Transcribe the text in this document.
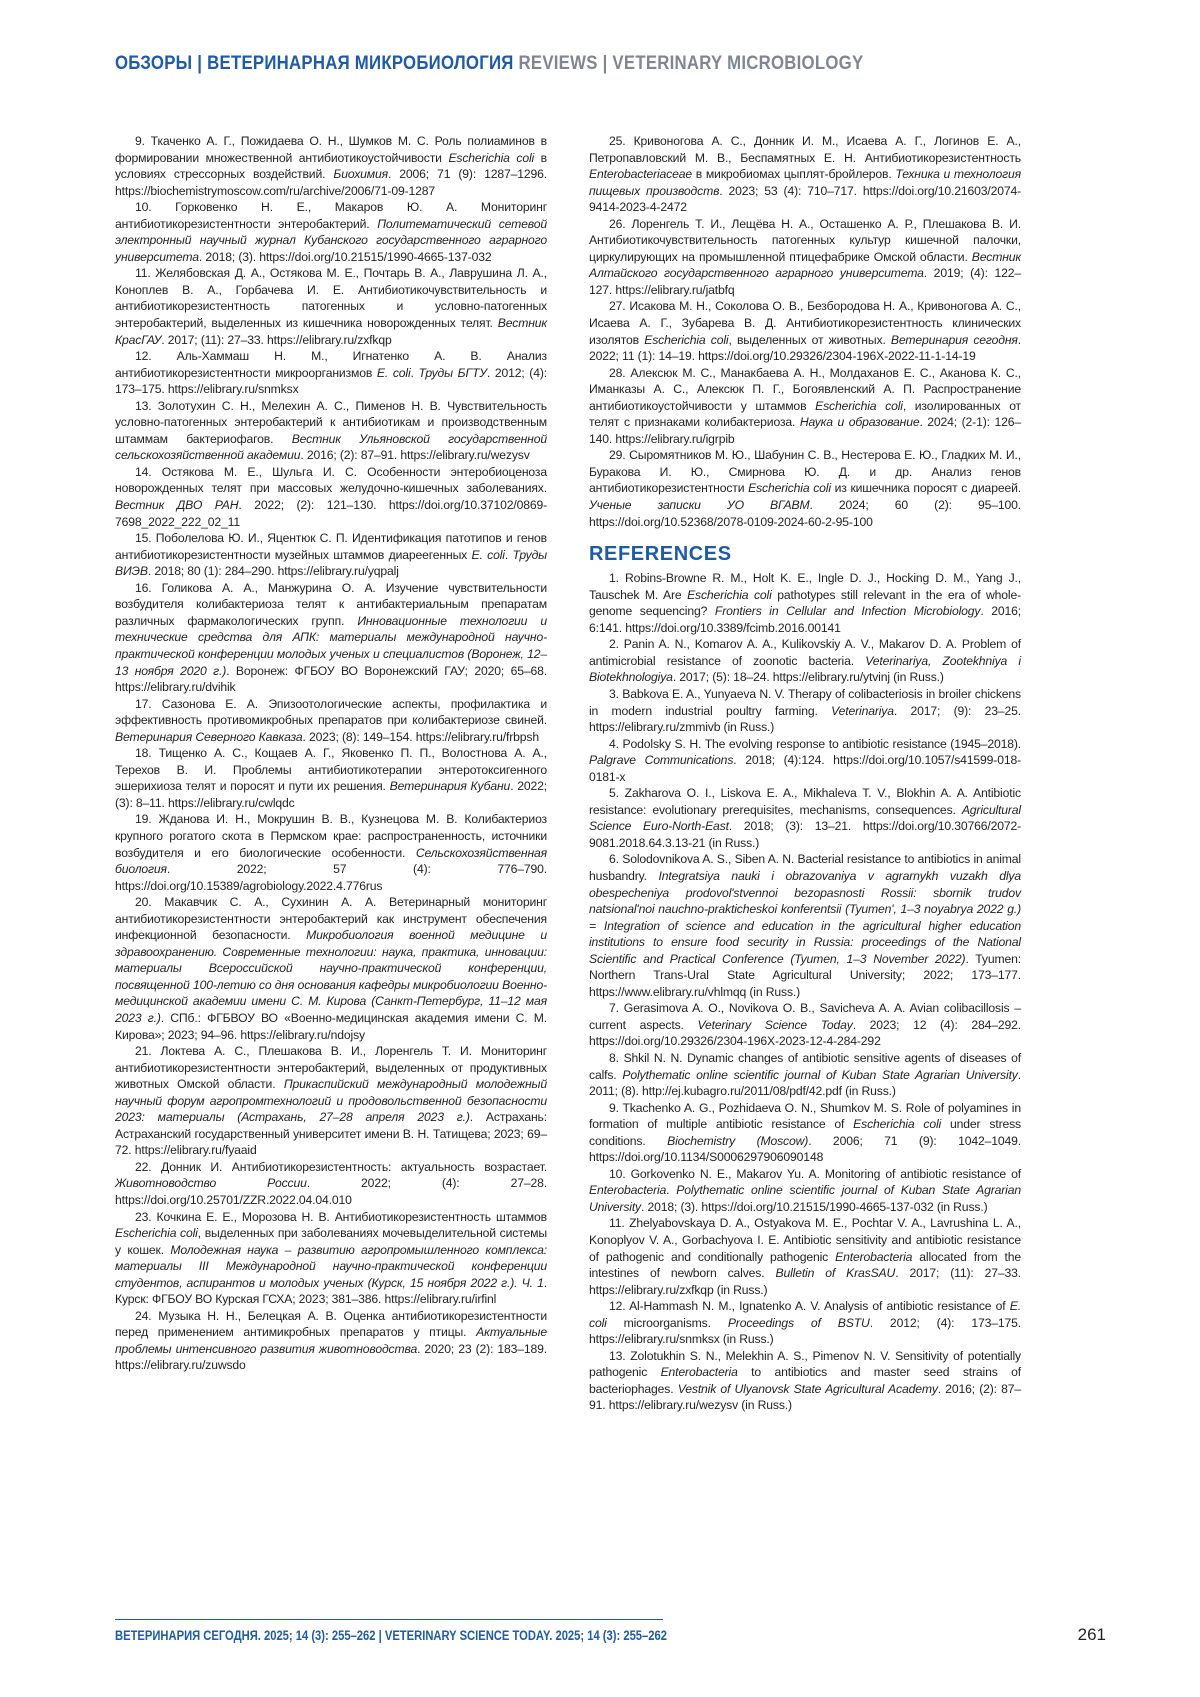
ОБЗОРЫ | ВЕТЕРИНАРНАЯ МИКРОБИОЛОГИЯ REVIEWS | VETERINARY MICROBIOLOGY

9. Ткаченко А. Г., Пожидаева О. Н., Шумков М. С. Роль полиаминов в формировании множественной антибиотикоустойчивости Escherichia coli в условиях стрессорных воздействий. Биохимия. 2006; 71 (9): 1287–1296. https://biochemistrymoscow.com/ru/archive/2006/71-09-1287

10. Горковенко Н. Е., Макаров Ю. А. Мониторинг антибиотикорезистентности энтеробактерий. Политематический сетевой электронный научный журнал Кубанского государственного аграрного университета. 2018; (3). https://doi.org/10.21515/1990-4665-137-032

11. Желябовская Д. А., Остякова М. Е., Почтарь В. А., Лаврушина Л. А., Коноплев В. А., Горбачева И. Е. Антибиотикочувствительность и антибиотикорезистентность патогенных и условно-патогенных энтеробактерий, выделенных из кишечника новорожденных телят. Вестник КрасГАУ. 2017; (11): 27–33. https://elibrary.ru/zxfkqp

12. Аль-Хаммаш Н. М., Игнатенко А. В. Анализ антибиотикорезистентности микроорганизмов E. coli. Труды БГТУ. 2012; (4): 173–175. https://elibrary.ru/snmksx

13. Золотухин С. Н., Мелехин А. С., Пименов Н. В. Чувствительность условно-патогенных энтеробактерий к антибиотикам и производственным штаммам бактериофагов. Вестник Ульяновской государственной сельскохозяйственной академии. 2016; (2): 87–91. https://elibrary.ru/wezysv

14. Остякова М. Е., Шульга И. С. Особенности энтеробиоценоза новорожденных телят при массовых желудочно-кишечных заболеваниях. Вестник ДВО РАН. 2022; (2): 121–130. https://doi.org/10.37102/0869-7698_2022_222_02_11

15. Поболелова Ю. И., Яцентюк С. П. Идентификация патотипов и генов антибиотикорезистентности музейных штаммов диареегенных E. coli. Труды ВИЭВ. 2018; 80 (1): 284–290. https://elibrary.ru/yqpalj

16. Голикова А. А., Манжурина О. А. Изучение чувствительности возбудителя колибактериоза телят к антибактериальным препаратам различных фармакологических групп. Инновационные технологии и технические средства для АПК: материалы международной научно-практической конференции молодых ученых и специалистов (Воронеж, 12–13 ноября 2020 г.). Воронеж: ФГБОУ ВО Воронежский ГАУ; 2020; 65–68. https://elibrary.ru/dvihik

17. Сазонова Е. А. Эпизоотологические аспекты, профилактика и эффективность противомикробных препаратов при колибактериозе свиней. Ветеринария Северного Кавказа. 2023; (8): 149–154. https://elibrary.ru/frbpsh

18. Тищенко А. С., Кощаев А. Г., Яковенко П. П., Волостнова А. А., Терехов В. И. Проблемы антибиотикотерапии энтеротоксигенного эшерихиоза телят и поросят и пути их решения. Ветеринария Кубани. 2022; (3): 8–11. https://elibrary.ru/cwlqdc

19. Жданова И. Н., Мокрушин В. В., Кузнецова М. В. Колибактериоз крупного рогатого скота в Пермском крае: распространенность, источники возбудителя и его биологические особенности. Сельскохозяйственная биология. 2022; 57 (4): 776–790. https://doi.org/10.15389/agrobiology.2022.4.776rus

20. Макавчик С. А., Сухинин А. А. Ветеринарный мониторинг антибиотикорезистентности энтеробактерий как инструмент обеспечения инфекционной безопасности. Микробиология военной медицине и здравоохранению. Современные технологии: наука, практика, инновации: материалы Всероссийской научно-практической конференции, посвященной 100-летию со дня основания кафедры микробиологии Военно-медицинской академии имени С. М. Кирова (Санкт-Петербург, 11–12 мая 2023 г.). СПб.: ФГБВОУ ВО «Военно-медицинская академия имени С. М. Кирова»; 2023; 94–96. https://elibrary.ru/ndojsy

21. Локтева А. С., Плешакова В. И., Лоренгель Т. И. Мониторинг антибиотикорезистентности энтеробактерий, выделенных от продуктивных животных Омской области. Прикаспийский международный молодежный научный форум агропромтехнологий и продовольственной безопасности 2023: материалы (Астрахань, 27–28 апреля 2023 г.). Астрахань: Астраханский государственный университет имени В. Н. Татищева; 2023; 69–72. https://elibrary.ru/fyaaid

22. Донник И. Антибиотикорезистентность: актуальность возрастает. Животноводство России. 2022; (4): 27–28. https://doi.org/10.25701/ZZR.2022.04.04.010

23. Кочкина Е. Е., Морозова Н. В. Антибиотикорезистентность штаммов Escherichia coli, выделенных при заболеваниях мочевыделительной системы у кошек. Молодежная наука – развитию агропромышленного комплекса: материалы III Международной научно-практической конференции студентов, аспирантов и молодых ученых (Курск, 15 ноября 2022 г.). Ч. 1. Курск: ФГБОУ ВО Курская ГСХА; 2023; 381–386. https://elibrary.ru/irfinl

24. Музыка Н. Н., Белецкая А. В. Оценка антибиотикорезистентности перед применением антимикробных препаратов у птицы. Актуальные проблемы интенсивного развития животноводства. 2020; 23 (2): 183–189. https://elibrary.ru/zuwsdo

25. Кривоногова А. С., Донник И. М., Исаева А. Г., Логинов Е. А., Петропавловский М. В., Беспамятных Е. Н. Антибиотикорезистентность Enterobacteriaceae в микробиомах цыплят-бройлеров. Техника и технология пищевых производств. 2023; 53 (4): 710–717. https://doi.org/10.21603/2074-9414-2023-4-2472

26. Лоренгель Т. И., Лещёва Н. А., Осташенко А. Р., Плешакова В. И. Антибиотикочувствительность патогенных культур кишечной палочки, циркулирующих на промышленной птицефабрике Омской области. Вестник Алтайского государственного аграрного университета. 2019; (4): 122–127. https://elibrary.ru/jatbfq

27. Исакова М. Н., Соколова О. В., Безбородова Н. А., Кривоногова А. С., Исаева А. Г., Зубарева В. Д. Антибиотикорезистентность клинических изолятов Escherichia coli, выделенных от животных. Ветеринария сегодня. 2022; 11 (1): 14–19. https://doi.org/10.29326/2304-196X-2022-11-1-14-19

28. Алексюк М. С., Манакбаева А. Н., Молдаханов Е. С., Аканова К. С., Иманказы А. С., Алексюк П. Г., Богоявленский А. П. Распространение антибиотикоустойчивости у штаммов Escherichia coli, изолированных от телят с признаками колибактериоза. Наука и образование. 2024; (2-1): 126–140. https://elibrary.ru/igrpib

29. Сыромятников М. Ю., Шабунин С. В., Нестерова Е. Ю., Гладких М. И., Буракова И. Ю., Смирнова Ю. Д. и др. Анализ генов антибиотикорезистентности Escherichia coli из кишечника поросят с диареей. Ученые записки УО ВГАВМ. 2024; 60 (2): 95–100. https://doi.org/10.52368/2078-0109-2024-60-2-95-100

REFERENCES

1. Robins-Browne R. M., Holt K. E., Ingle D. J., Hocking D. M., Yang J., Tauschek M. Are Escherichia coli pathotypes still relevant in the era of whole-genome sequencing? Frontiers in Cellular and Infection Microbiology. 2016; 6:141. https://doi.org/10.3389/fcimb.2016.00141

2. Panin A. N., Komarov A. A., Kulikovskiy A. V., Makarov D. A. Problem of antimicrobial resistance of zoonotic bacteria. Veterinariya, Zootekhniya i Biotekhnologiya. 2017; (5): 18–24. https://elibrary.ru/ytvinj (in Russ.)

3. Babkova E. A., Yunyaeva N. V. Therapy of colibacteriosis in broiler chickens in modern industrial poultry farming. Veterinariya. 2017; (9): 23–25. https://elibrary.ru/zmmivb (in Russ.)

4. Podolsky S. H. The evolving response to antibiotic resistance (1945–2018). Palgrave Communications. 2018; (4):124. https://doi.org/10.1057/s41599-018-0181-x

5. Zakharova O. I., Liskova E. A., Mikhaleva T. V., Blokhin A. A. Antibiotic resistance: evolutionary prerequisites, mechanisms, consequences. Agricultural Science Euro-North-East. 2018; (3): 13–21. https://doi.org/10.30766/2072-9081.2018.64.3.13-21 (in Russ.)

6. Solodovnikova A. S., Siben A. N. Bacterial resistance to antibiotics in animal husbandry. Integratsiya nauki i obrazovaniya v agrarnykh vuzakh dlya obespecheniya prodovol'stvennoi bezopasnosti Rossii: sbornik trudov natsional'noi nauchno-prakticheskoi konferentsii (Tyumen', 1–3 noyabrya 2022 g.) = Integration of science and education in the agricultural higher education institutions to ensure food security in Russia: proceedings of the National Scientific and Practical Conference (Tyumen, 1–3 November 2022). Tyumen: Northern Trans-Ural State Agricultural University; 2022; 173–177. https://www.elibrary.ru/vhlmqq (in Russ.)

7. Gerasimova A. O., Novikova O. B., Savicheva A. A. Avian colibacillosis – current aspects. Veterinary Science Today. 2023; 12 (4): 284–292. https://doi.org/10.29326/2304-196X-2023-12-4-284-292

8. Shkil N. N. Dynamic changes of antibiotic sensitive agents of diseases of calfs. Polythematic online scientific journal of Kuban State Agrarian University. 2011; (8). http://ej.kubagro.ru/2011/08/pdf/42.pdf (in Russ.)

9. Tkachenko A. G., Pozhidaeva O. N., Shumkov M. S. Role of polyamines in formation of multiple antibiotic resistance of Escherichia coli under stress conditions. Biochemistry (Moscow). 2006; 71 (9): 1042–1049. https://doi.org/10.1134/S0006297906090148

10. Gorkovenko N. E., Makarov Yu. A. Monitoring of antibiotic resistance of Enterobacteria. Polythematic online scientific journal of Kuban State Agrarian University. 2018; (3). https://doi.org/10.21515/1990-4665-137-032 (in Russ.)

11. Zhelyabovskaya D. A., Ostyakova M. E., Pochtar V. A., Lavrushina L. A., Konoplyov V. A., Gorbachyova I. E. Antibiotic sensitivity and antibiotic resistance of pathogenic and conditionally pathogenic Enterobacteria allocated from the intestines of newborn calves. Bulletin of KrasSAU. 2017; (11): 27–33. https://elibrary.ru/zxfkqp (in Russ.)

12. Al-Hammash N. M., Ignatenko A. V. Analysis of antibiotic resistance of E. coli microorganisms. Proceedings of BSTU. 2012; (4): 173–175. https://elibrary.ru/snmksx (in Russ.)

13. Zolotukhin S. N., Melekhin A. S., Pimenov N. V. Sensitivity of potentially pathogenic Enterobacteria to antibiotics and master seed strains of bacteriophages. Vestnik of Ulyanovsk State Agricultural Academy. 2016; (2): 87–91. https://elibrary.ru/wezysv (in Russ.)

ВЕТЕРИНАРИЯ СЕГОДНЯ. 2025; 14 (3): 255–262 | VETERINARY SCIENCE TODAY. 2025; 14 (3): 255–262	261
